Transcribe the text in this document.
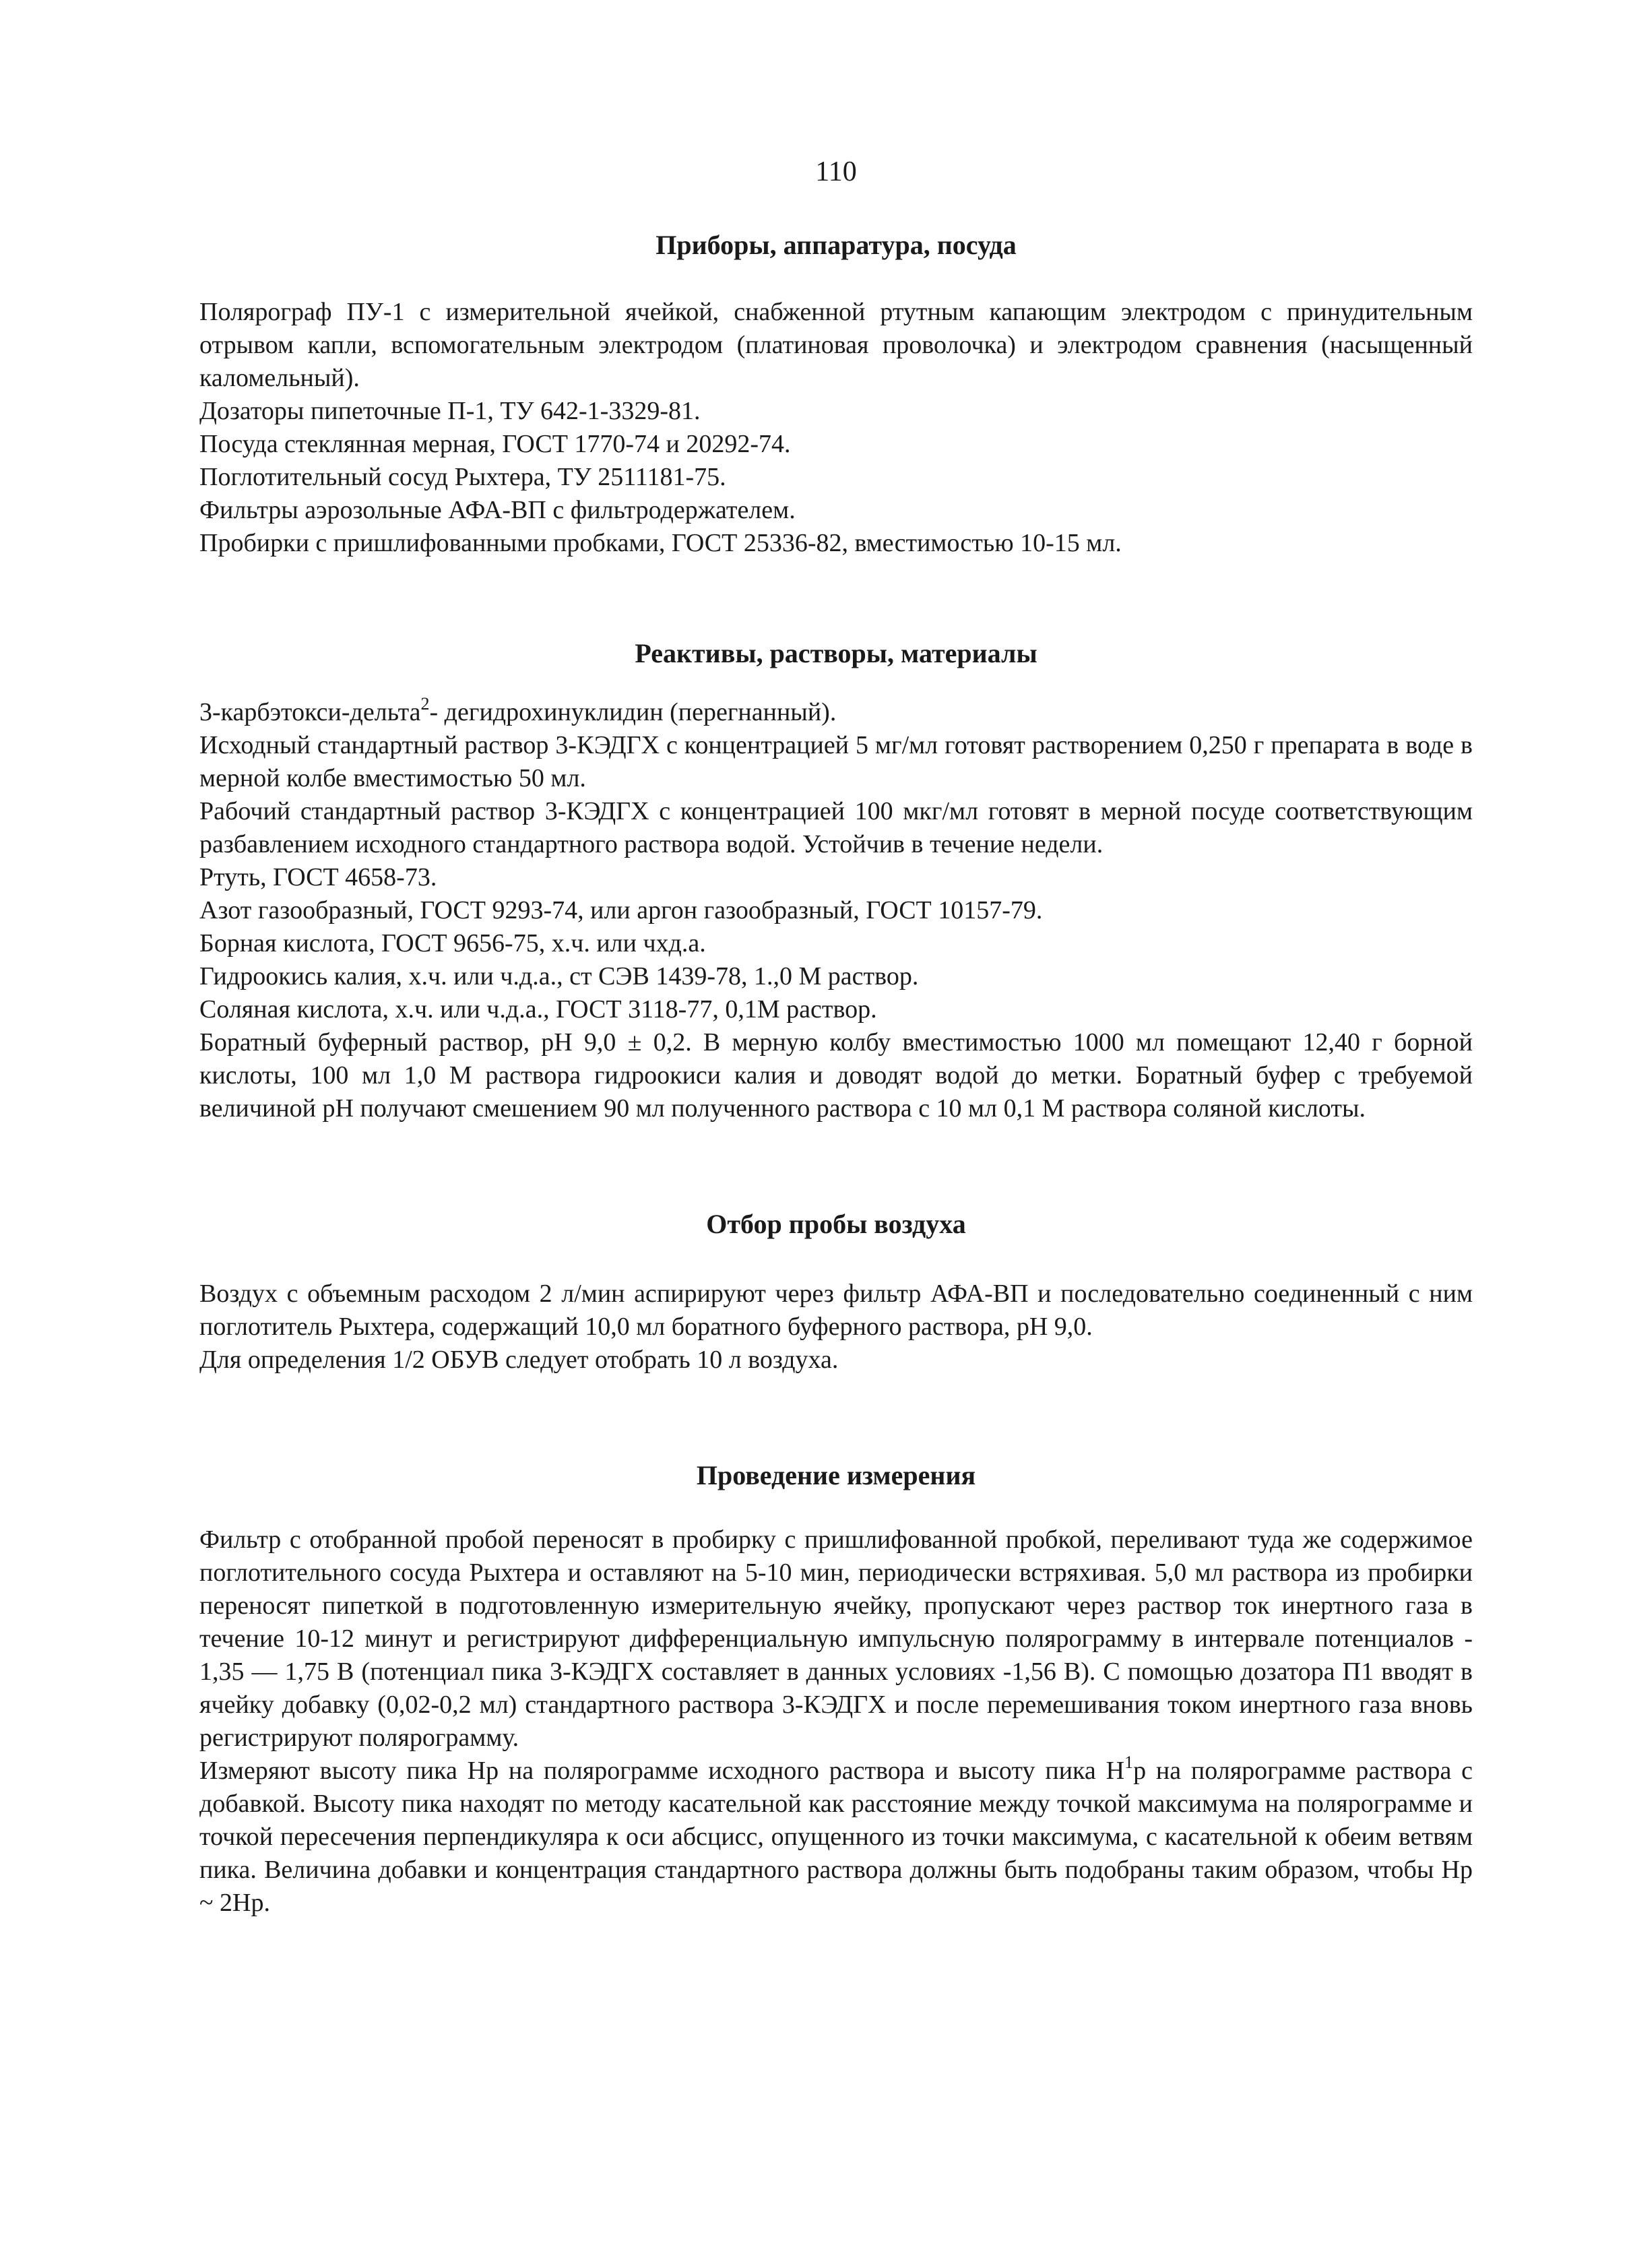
110
Приборы, аппаратура, посуда

Полярограф ПУ-1 с измерительной ячейкой, снабженной ртутным капающим электродом с принудительным отрывом капли, вспомогательным электродом (платиновая проволочка) и электродом сравнения (насыщенный каломельный).

Дозаторы пипеточные П-1, ТУ 642-1-3329-81.

Посуда стеклянная мерная, ГОСТ 1770-74 и 20292-74.

Поглотительный сосуд Рыхтера, ТУ 2511181-75.

Фильтры аэрозольные АФА-ВП с фильтродержателем.

Пробирки с пришлифованными пробками, ГОСТ 25336-82, вместимостью 10-15 мл.

Реактивы, растворы, материалы

3-карбэтокси-дельта$^2$- дегидрохинуклидин (перегнанный).

Исходный стандартный раствор 3-КЭДГХ с концентрацией 5 мг/мл готовят растворением 0,250 г препарата в воде в мерной колбе вместимостью 50 мл.

Рабочий стандартный раствор 3-КЭДГХ с концентрацией 100 мкг/мл готовят в мерной посуде соответствующим разбавлением исходного стандартного раствора водой. Устойчив в течение недели.

Ртуть, ГОСТ 4658-73.

Азот газообразный, ГОСТ 9293-74, или аргон газообразный, ГОСТ 10157-79.

Борная кислота, ГОСТ 9656-75, х.ч. или чхд.а.

Гидроокись калия, х.ч. или ч.д.а., ст СЭВ 1439-78, 1.,0 М раствор.

Соляная кислота, х.ч. или ч.д.а., ГОСТ 3118-77, 0,1М раствор.

Боратный буферный раствор, рН 9,0 ± 0,2. В мерную колбу вместимостью 1000 мл помещают 12,40 г борной кислоты, 100 мл 1,0 М раствора гидроокиси калия и доводят водой до метки. Боратный буфер с требуемой величиной рН получают смешением 90 мл полученного раствора с 10 мл 0,1 М раствора соляной кислоты.

Отбор пробы воздуха

Воздух с объемным расходом 2 л/мин аспирируют через фильтр АФА-ВП и последовательно соединенный с ним поглотитель Рыхтера, содержащий 10,0 мл боратного буферного раствора, рН 9,0.

Для определения 1/2 ОБУВ следует отобрать 10 л воздуха.

Проведение измерения

Фильтр с отобранной пробой переносят в пробирку с пришлифованной пробкой, переливают туда же содержимое поглотительного сосуда Рыхтера и оставляют на 5-10 мин, периодически встряхивая. 5,0 мл раствора из пробирки переносят пипеткой в подготовленную измерительную ячейку, пропускают через раствор ток инертного газа в течение 10-12 минут и регистрируют дифференциальную импульсную полярограмму в интервале потенциалов - 1,35 — 1,75 В (потенциал пика 3-КЭДГХ составляет в данных условиях -1,56 В). С помощью дозатора П1 вводят в ячейку добавку (0,02-0,2 мл) стандартного раствора 3-КЭДГХ и после перемешивания током инертного газа вновь регистрируют полярограмму.

Измеряют высоту пика Нр на полярограмме исходного раствора и высоту пика $Н^1р$ на полярограмме раствора с добавкой. Высоту пика находят по методу касательной как расстояние между точкой максимума на полярограмме и точкой пересечения перпендикуляра к оси абсцисс, опущенного из точки максимума, с касательной к обеим ветвям пика. Величина добавки и концентрация стандартного раствора должны быть подобраны таким образом, чтобы Нр ~ 2Нр.
